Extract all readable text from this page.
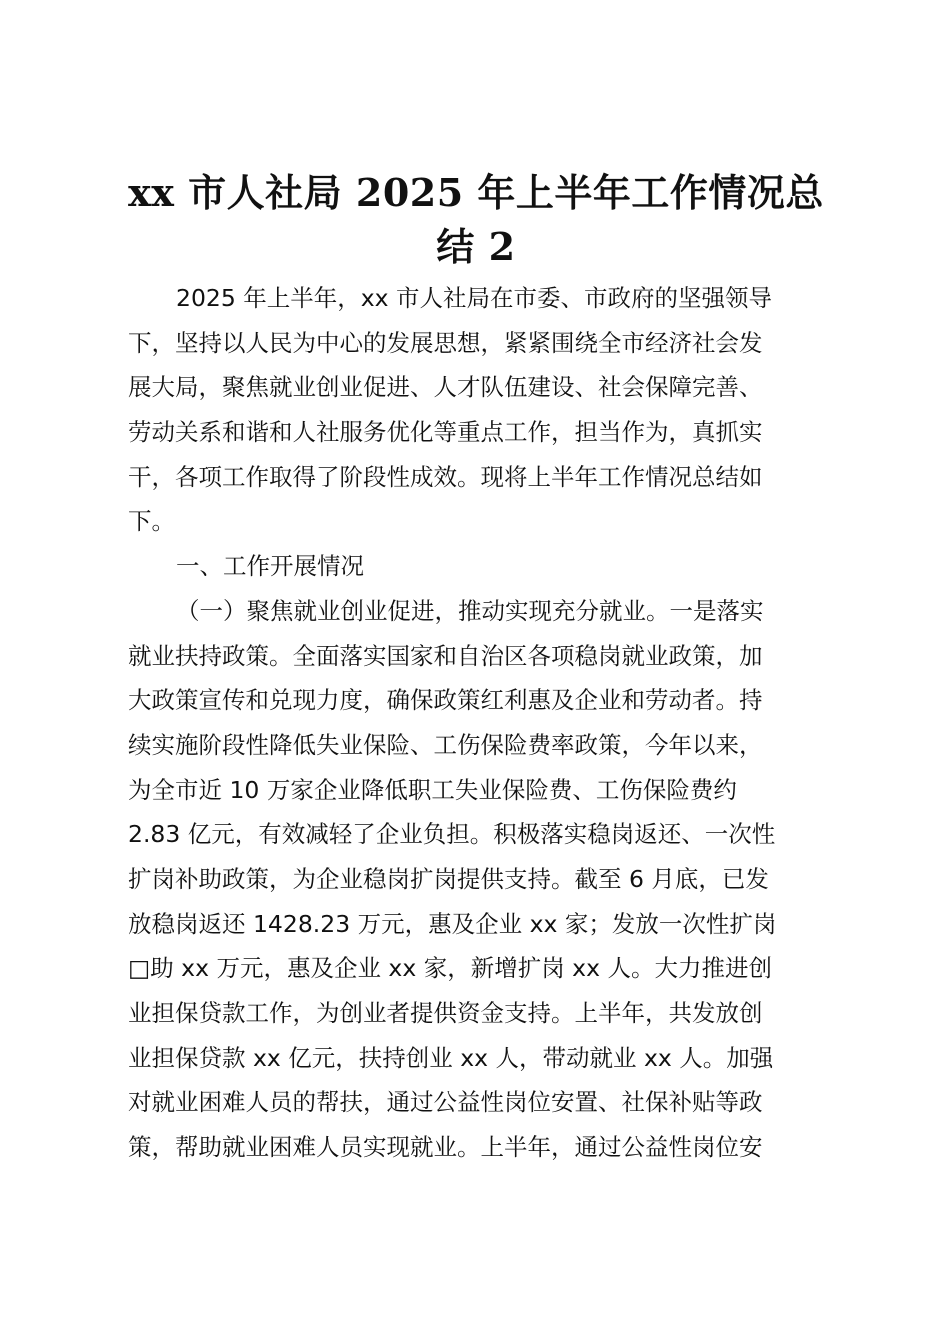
xx 市人社局 2025 年上半年工作情况总
结 2
2025 年上半年，xx 市人社局在市委、市政府的坚强领导
下，坚持以人民为中心的发展思想，紧紧围绕全市经济社会发
展大局，聚焦就业创业促进、人才队伍建设、社会保障完善、
劳动关系和谐和人社服务优化等重点工作，担当作为，真抓实
干，各项工作取得了阶段性成效。现将上半年工作情况总结如
下。
一、工作开展情况
（一）聚焦就业创业促进，推动实现充分就业。一是落实
就业扶持政策。全面落实国家和自治区各项稳岗就业政策，加
大政策宣传和兑现力度，确保政策红利惠及企业和劳动者。持
续实施阶段性降低失业保险、工伤保险费率政策，今年以来，
为全市近 10 万家企业降低职工失业保险费、工伤保险费约
2.83 亿元，有效减轻了企业负担。积极落实稳岗返还、一次性
扩岗补助政策，为企业稳岗扩岗提供支持。截至 6 月底，已发
放稳岗返还 1428.23 万元，惠及企业 xx 家；发放一次性扩岗
□助 xx 万元，惠及企业 xx 家，新增扩岗 xx 人。大力推进创
业担保贷款工作，为创业者提供资金支持。上半年，共发放创
业担保贷款 xx 亿元，扶持创业 xx 人，带动就业 xx 人。加强
对就业困难人员的帮扶，通过公益性岗位安置、社保补贴等政
策，帮助就业困难人员实现就业。上半年，通过公益性岗位安
